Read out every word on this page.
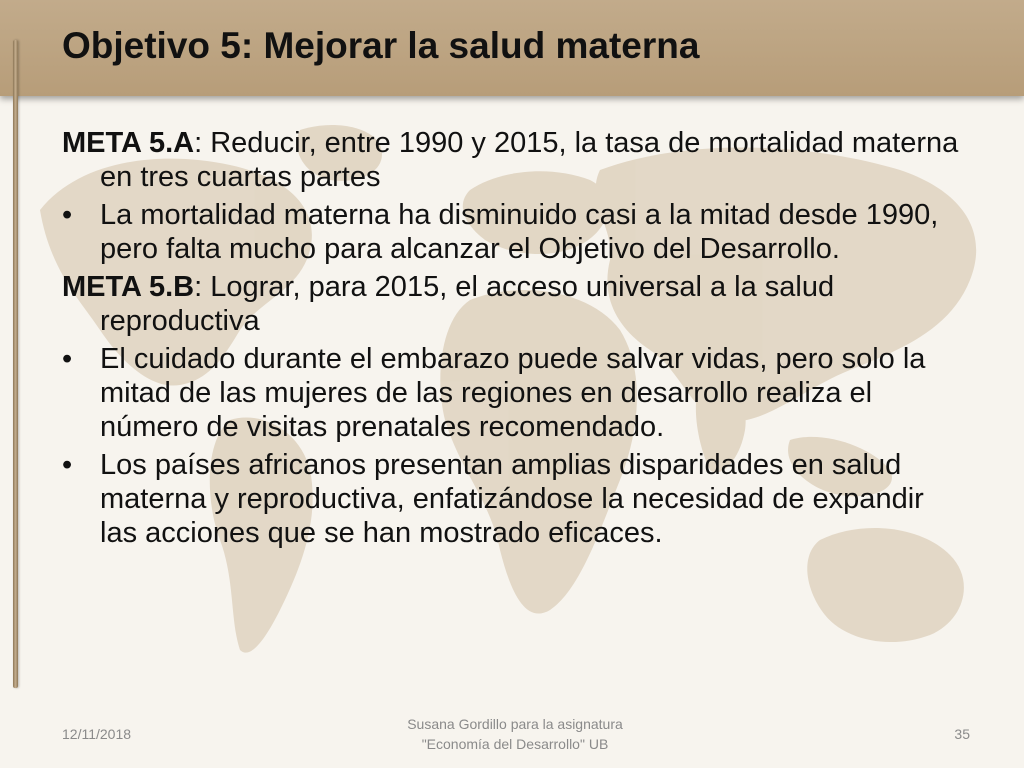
Objetivo 5: Mejorar la salud materna

META 5.A: Reducir, entre 1990 y 2015, la tasa de mortalidad materna en tres cuartas partes

• La mortalidad materna ha disminuido casi a la mitad desde 1990, pero falta mucho para alcanzar el Objetivo del Desarrollo.

META 5.B: Lograr, para 2015, el acceso universal a la salud reproductiva

• El cuidado durante el embarazo puede salvar vidas, pero solo la mitad de las mujeres de las regiones en desarrollo realiza el número de visitas prenatales recomendado.
• Los países africanos presentan amplias disparidades en salud materna y reproductiva, enfatizándose la necesidad de expandir las acciones que se han mostrado eficaces.
12/11/2018
Susana Gordillo para la asignatura
"Economía del Desarrollo" UB
35
